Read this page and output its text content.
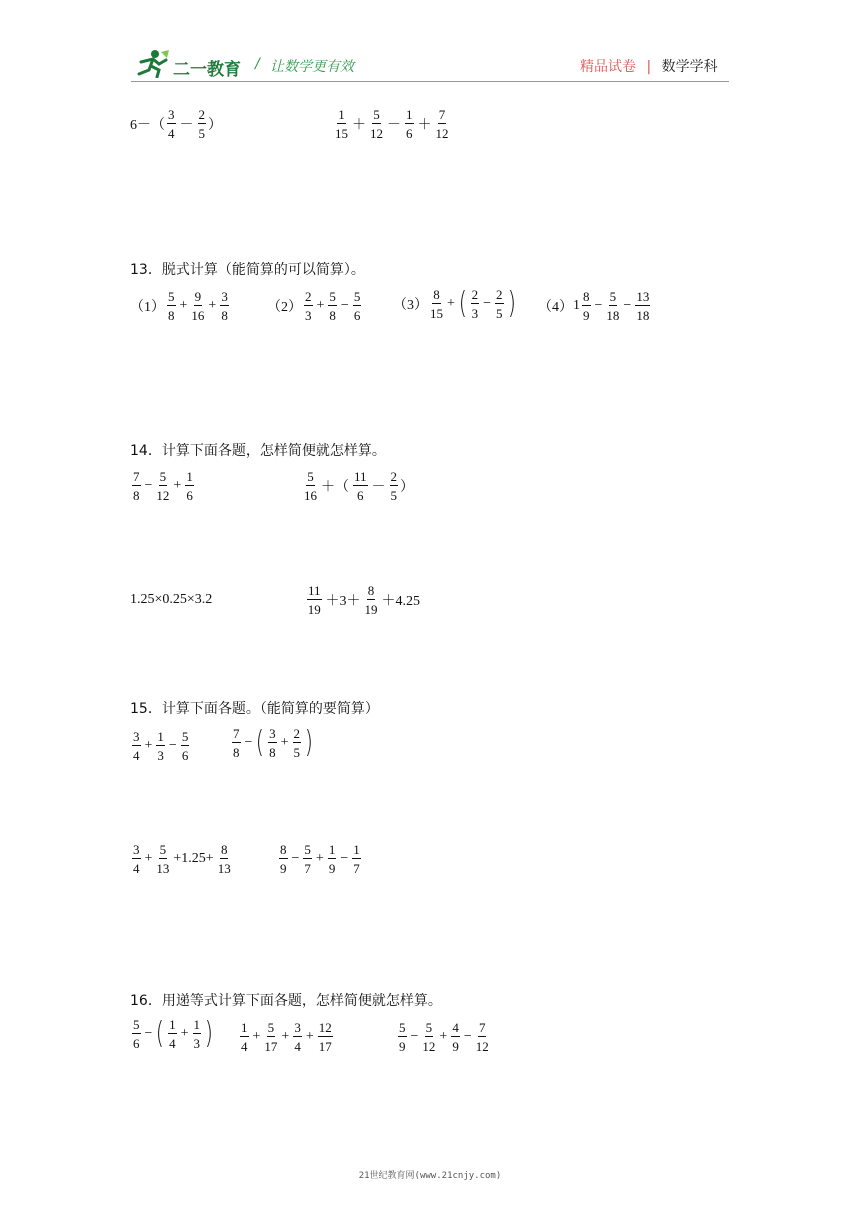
二一教育 / 让数学更有效	精品试卷 | 数学学科
$6-( \frac{3}{4} - \frac{2}{5}$ ）	$\frac{1}{15} + \frac{5}{12} - \frac{1}{6} + \frac{7}{12}$
13．脱式计算（能简算的可以简算）。
$(1) \frac{5}{8} + \frac{9}{16} + \frac{3}{8}$	$(2) \frac{2}{3} + \frac{5}{8} - \frac{5}{6} (3) \frac{8}{15}$ + ( $\frac{2}{3} - \frac{2}{5}$ ) （4） $1 \frac{8}{9} - \frac{5}{18} - \frac{13}{18}$
14．计算下面各题，怎样简便就怎样算。
$\frac{7}{8} - \frac{5}{12} + \frac{1}{6}$	$\frac{5}{16}$ ＋（ $\frac{11}{6} - \frac{2}{5}$ ）
1.25×0.25×3.2	$\frac{11}{19} +3+ \frac{8}{19} +4.25$
15．计算下面各题。（能简算的要简算）
$\frac{3}{4} + \frac{1}{3} - \frac{5}{6}$	$\frac{7}{8}$ − ( $\frac{3}{8} + \frac{2}{5}$ )
$\frac{3}{4} + \frac{5}{13} +1.25+ \frac{8}{13}$	$\frac{8}{9} - \frac{5}{7} + \frac{1}{9} - \frac{1}{7}$
16．用递等式计算下面各题，怎样简便就怎样算。
$\frac{5}{6}$ − ( $\frac{1}{4} + \frac{1}{3}$ ) $\frac{1}{4} + \frac{5}{17} + \frac{3}{4} + \frac{12}{17}$	$\frac{5}{9} - \frac{5}{12} + \frac{4}{9} - \frac{7}{12}$
21世纪教育网(www.21cnjy.com)
